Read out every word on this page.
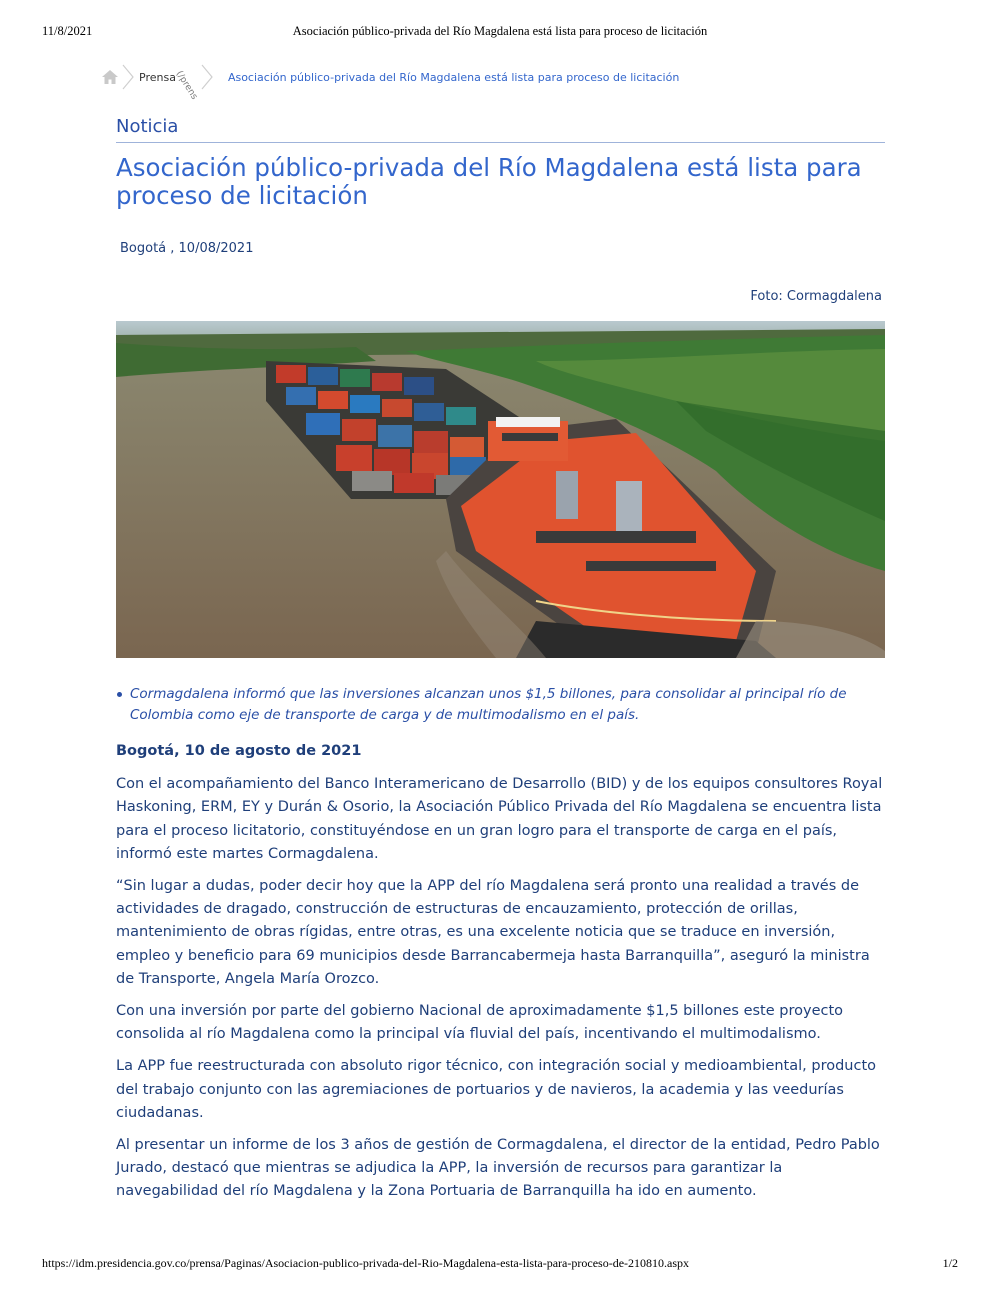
11/8/2021	Asociación público-privada del Río Magdalena está lista para proceso de licitación
Prensa
(/prens	Asociación público-privada del Río Magdalena está lista para proceso de licitación
Noticia
Asociación público-privada del Río Magdalena está lista para proceso de licitación
Bogotá , 10/08/2021
Foto: Cormagdalena
Cormagdalena informó que las inversiones alcanzan unos $1,5 billones, para consolidar al principal río de Colombia como eje de transporte de carga y de multimodalismo en el país.

Bogotá, 10 de agosto de 2021

Con el acompañamiento del Banco Interamericano de Desarrollo (BID) y de los equipos consultores Royal Haskoning, ERM, EY y Durán & Osorio, la Asociación Público Privada del Río Magdalena se encuentra lista para el proceso licitatorio, constituyéndose en un gran logro para el transporte de carga en el país, informó este martes Cormagdalena.

“Sin lugar a dudas, poder decir hoy que la APP del río Magdalena será pronto una realidad a través de actividades de dragado, construcción de estructuras de encauzamiento, protección de orillas, mantenimiento de obras rígidas, entre otras, es una excelente noticia que se traduce en inversión, empleo y beneficio para 69 municipios desde Barrancabermeja hasta Barranquilla”, aseguró la ministra de Transporte, Angela María Orozco.

Con una inversión por parte del gobierno Nacional de aproximadamente $1,5 billones este proyecto consolida al río Magdalena como la principal vía fluvial del país, incentivando el multimodalismo.

La APP fue reestructurada con absoluto rigor técnico, con integración social y medioambiental, producto del trabajo conjunto con las agremiaciones de portuarios y de navieros, la academia y las veedurías ciudadanas.

Al presentar un informe de los 3 años de gestión de Cormagdalena, el director de la entidad, Pedro Pablo Jurado, destacó que mientras se adjudica la APP, la inversión de recursos para garantizar la navegabilidad del río Magdalena y la Zona Portuaria de Barranquilla ha ido en aumento.

https://idm.presidencia.gov.co/prensa/Paginas/Asociacion-publico-privada-del-Rio-Magdalena-esta-lista-para-proceso-de-210810.aspx	1/2
